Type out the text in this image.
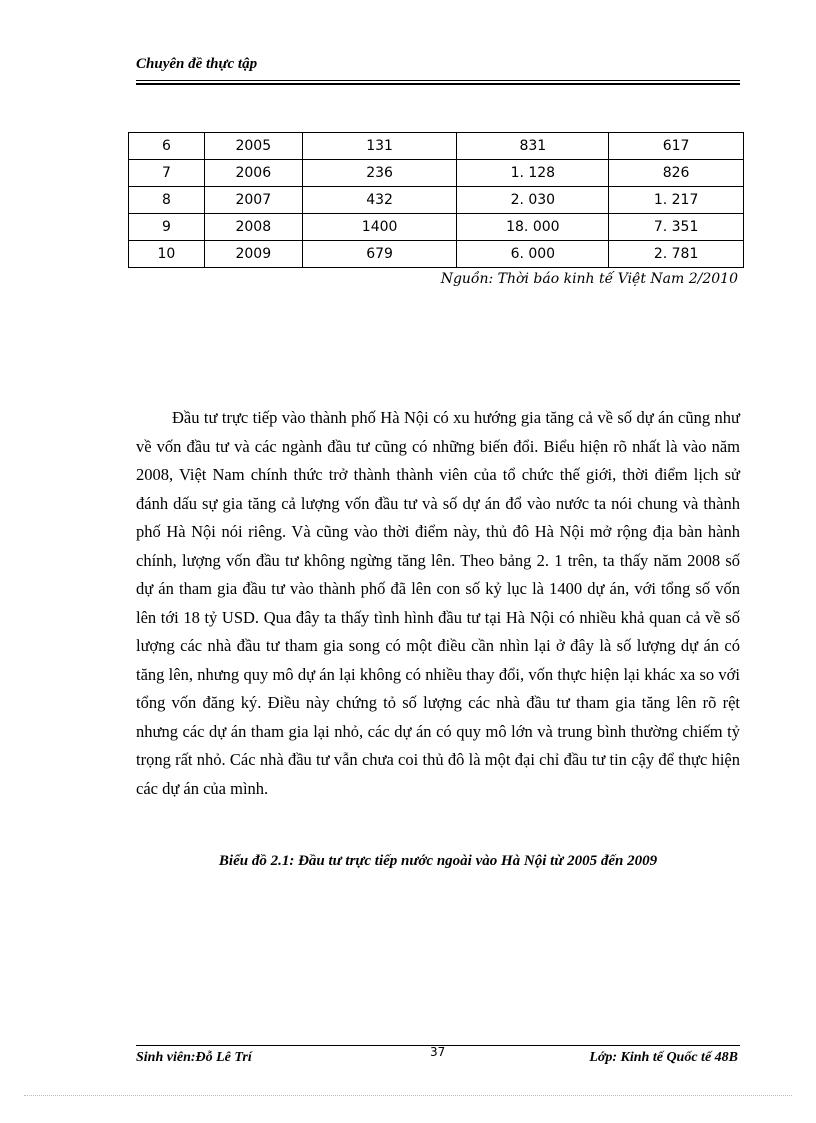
Chuyên đề thực tập
6	2005	131	831	617
7	2006	236	1. 128	826
8	2007	432	2. 030	1. 217
9	2008	1400	18. 000	7. 351
10	2009	679	6. 000	2. 781
Nguồn: Thời báo kinh tế Việt Nam 2/2010

Đầu tư trực tiếp vào thành phố Hà Nội có xu hướng gia tăng cả về số dự án cũng như về vốn đầu tư và các ngành đầu tư cũng có những biến đổi. Biểu hiện rõ nhất là vào năm 2008, Việt Nam chính thức trở thành thành viên của tổ chức thế giới, thời điểm lịch sử đánh dấu sự gia tăng cả lượng vốn đầu tư và số dự án đổ vào nước ta nói chung và thành phố Hà Nội nói riêng. Và cũng vào thời điểm này, thủ đô Hà Nội mở rộng địa bàn hành chính, lượng vốn đầu tư không ngừng tăng lên. Theo bảng 2. 1 trên, ta thấy năm 2008 số dự án tham gia đầu tư vào thành phố đã lên con số kỷ lục là 1400 dự án, với tổng số vốn lên tới 18 tỷ USD. Qua đây ta thấy tình hình đầu tư tại Hà Nội có nhiều khả quan cả về số lượng các nhà đầu tư tham gia song có một điều cần nhìn lại ở đây là số lượng dự án có tăng lên, nhưng quy mô dự án lại không có nhiều thay đổi, vốn thực hiện lại khác xa so với tổng vốn đăng ký. Điều này chứng tỏ số lượng các nhà đầu tư tham gia tăng lên rõ rệt nhưng các dự án tham gia lại nhỏ, các dự án có quy mô lớn và trung bình thường chiếm tỷ trọng rất nhỏ. Các nhà đầu tư vẫn chưa coi thủ đô là một đại chỉ đầu tư tin cậy để thực hiện các dự án của mình.

Biểu đồ 2.1: Đầu tư trực tiếp nước ngoài vào Hà Nội từ 2005 đến 2009
Sinh viên:Đỗ Lê Trí	37	Lớp: Kinh tế Quốc tế 48B
